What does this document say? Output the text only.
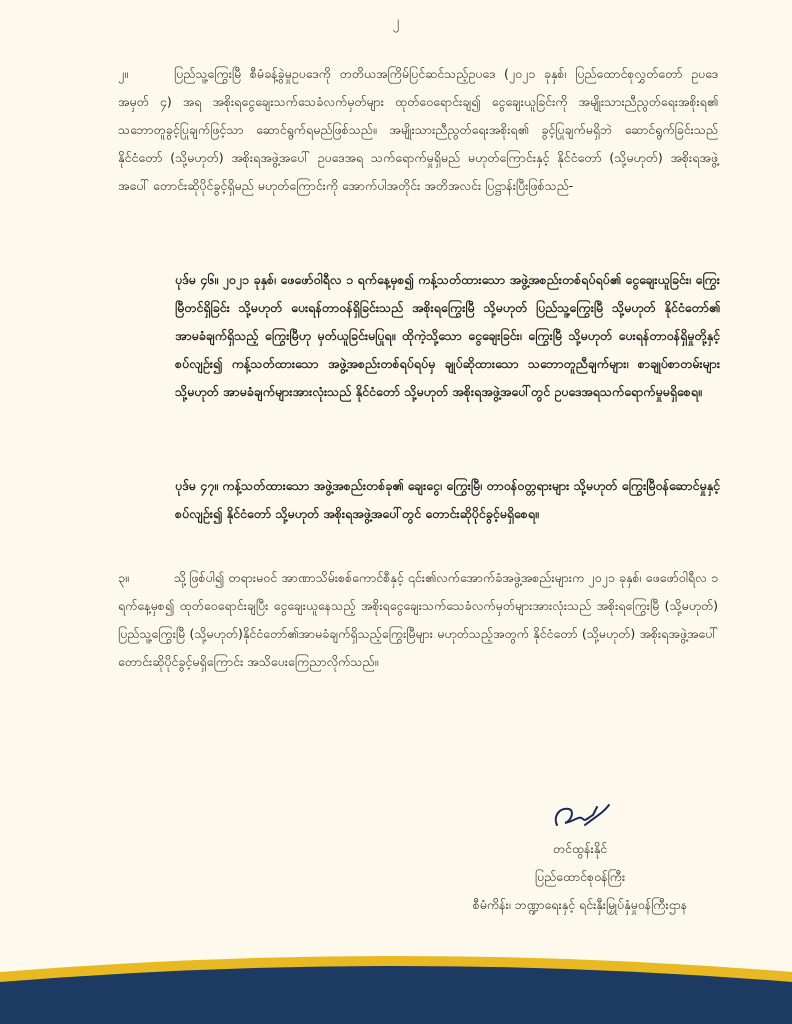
၂
၂။	ပြည်သူ့ကြွေးမြီ စီမံခန့်ခွဲမှုဥပဒေကို တတိယအကြိမ်ပြင်ဆင်သည့်ဥပဒေ (၂၀၂၁ ခုနှစ်၊ ပြည်ထောင်စုလွှတ်တော် ဥပဒေအမှတ် ၄) အရ အစိုးရငွေချေးသက်သေခံလက်မှတ်များ ထုတ်ဝေရောင်းချ၍ ငွေချေးယူခြင်းကို အမျိုးသားညီညွတ်ရေးအစိုးရ၏ သဘောတူခွင့်ပြုချက်ဖြင့်သာ ဆောင်ရွက်ရမည်ဖြစ်သည်။ အမျိုးသားညီညွတ်ရေးအစိုးရ၏ ခွင့်ပြုချက်မရှိဘဲ ဆောင်ရွက်ခြင်းသည် နိုင်ငံတော် (သို့မဟုတ်) အစိုးရအဖွဲ့အပေါ် ဥပဒေအရ သက်ရောက်မှုရှိမည် မဟုတ်ကြောင်းနှင့် နိုင်ငံတော် (သို့မဟုတ်) အစိုးရအဖွဲ့အပေါ် တောင်းဆိုပိုင်ခွင့်ရှိမည် မဟုတ်ကြောင်းကို အောက်ပါအတိုင်း အတိအလင်း ပြဋ္ဌာန်းပြီးဖြစ်သည်-

ပုဒ်မ ၄၆။ ၂၀၂၁ ခုနှစ်၊ ဖေဖော်ဝါရီလ ၁ ရက်နေ့မှစ၍ ကန့်သတ်ထားသော အဖွဲ့အစည်းတစ်ရပ်ရပ်၏ ငွေချေးယူခြင်း၊ ကြွေးမြီတင်ရှိခြင်း သို့မဟုတ် ပေးရန်တာဝန်ရှိခြင်းသည် အစိုးရကြွေးမြီ သို့မဟုတ် ပြည်သူ့ကြွေးမြီ သို့မဟုတ် နိုင်ငံတော်၏ အာမခံချက်ရှိသည့် ကြွေးမြီဟု မှတ်ယူခြင်းမပြုရ။ ထိုကဲ့သို့သော ငွေချေးခြင်း၊ ကြွေးမြီ သို့မဟုတ် ပေးရန်တာဝန်ရှိမှုတို့နှင့် စပ်လျဉ်း၍ ကန့်သတ်ထားသော အဖွဲ့အစည်းတစ်ရပ်ရပ်မှ ချုပ်ဆိုထားသော သဘောတူညီချက်များ၊ စာချုပ်စာတမ်းများ သို့မဟုတ် အာမခံချက်များအားလုံးသည် နိုင်ငံတော် သို့မဟုတ် အစိုးရအဖွဲ့အပေါ်တွင် ဥပဒေအရသက်ရောက်မှုမရှိစေရ။

ပုဒ်မ ၄၇။ ကန့်သတ်ထားသော အဖွဲ့အစည်းတစ်ခု၏ ချေးငွေ၊ ကြွေးမြီ၊ တာဝန်ဝတ္တရားများ သို့မဟုတ် ကြွေးမြီဝန်ဆောင်မှုနှင့်စပ်လျဉ်း၍ နိုင်ငံတော် သို့မဟုတ် အစိုးရအဖွဲ့အပေါ်တွင် တောင်းဆိုပိုင်ခွင့်မရှိစေရ။

၃။	သို့ဖြစ်ပါ၍ တရားမဝင် အာဏာသိမ်းစစ်ကောင်စီနှင့် ၎င်း၏လက်အောက်ခံအဖွဲ့အစည်းများက ၂၀၂၁ ခုနှစ်၊ ဖေဖော်ဝါရီလ ၁ ရက်နေ့မှစ၍ ထုတ်ဝေရောင်းချပြီး ငွေချေးယူနေသည့် အစိုးရငွေချေးသက်သေခံလက်မှတ်များအားလုံးသည် အစိုးရကြွေးမြီ (သို့မဟုတ်) ပြည်သူ့ကြွေးမြီ (သို့မဟုတ်)နိုင်ငံတော်၏အာမခံချက်ရှိသည့်ကြွေးမြီများ မဟုတ်သည့်အတွက် နိုင်ငံတော် (သို့မဟုတ်) အစိုးရအဖွဲ့အပေါ် တောင်းဆိုပိုင်ခွင့်မရှိကြောင်း အသိပေးကြေညာလိုက်သည်။

တင်ထွန်းနိုင်
ပြည်ထောင်စုဝန်ကြီး
စီမံကိန်း၊ ဘဏ္ဍာရေးနှင့် ရင်းနှီးမြှုပ်နှံမှုဝန်ကြီးဌာန
